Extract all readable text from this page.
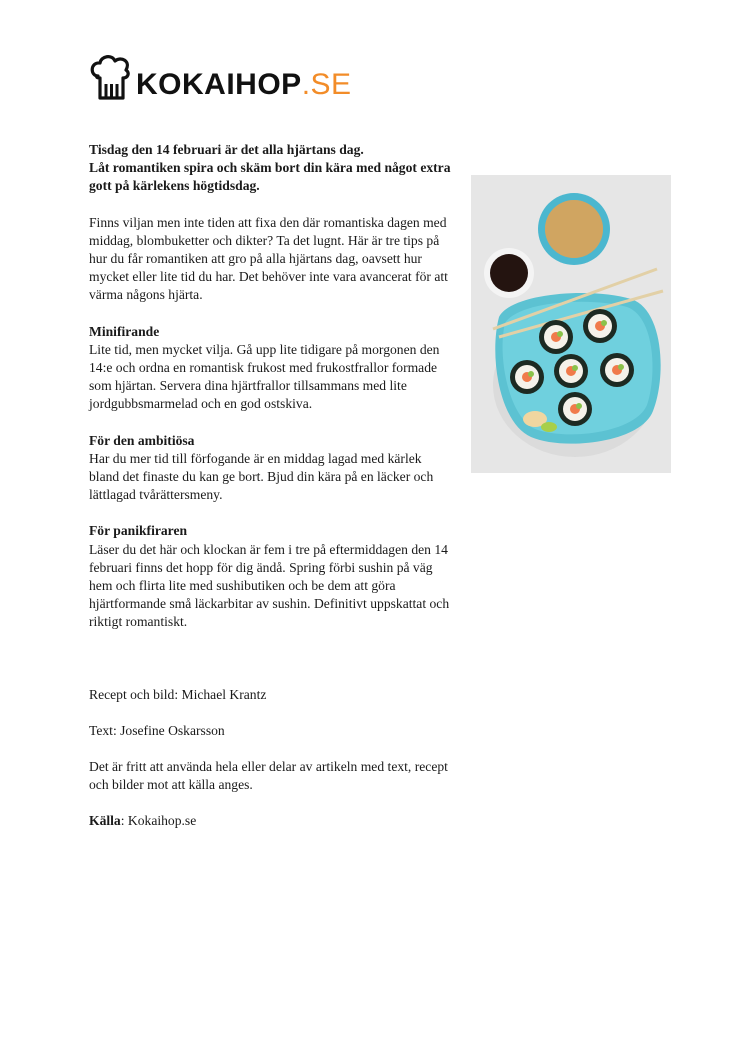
KOKAIHOP.SE
Tisdag den 14 februari är det alla hjärtans dag.
Låt romantiken spira och skäm bort din kära med något extra gott på kärlekens högtidsdag.

Finns viljan men inte tiden att fixa den där romantiska dagen med middag, blombuketter och dikter? Ta det lugnt. Här är tre tips på hur du får romantiken att gro på alla hjärtans dag, oavsett hur mycket eller lite tid du har. Det behöver inte vara avancerat för att värma någons hjärta.

Minifirande
Lite tid, men mycket vilja. Gå upp lite tidigare på morgonen den 14:e och ordna en romantisk frukost med frukostfrallor formade som hjärtan. Servera dina hjärtfrallor tillsammans med lite jordgubbsmarmelad och en god ostskiva.

För den ambitiösa
Har du mer tid till förfogande är en middag lagad med kärlek bland det finaste du kan ge bort. Bjud din kära på en läcker och lättlagad tvårättersmeny.

För panikfiraren
Läser du det här och klockan är fem i tre på eftermiddagen den 14 februari finns det hopp för dig ändå. Spring förbi sushin på väg hem och flirta lite med sushibutiken och be dem att göra hjärtformande små läckarbitar av sushin. Definitivt uppskattat och riktigt romantiskt.

Recept och bild: Michael Krantz

Text: Josefine Oskarsson

Det är fritt att använda hela eller delar av artikeln med text, recept och bilder mot att källa anges.

Källa: Kokaihop.se
